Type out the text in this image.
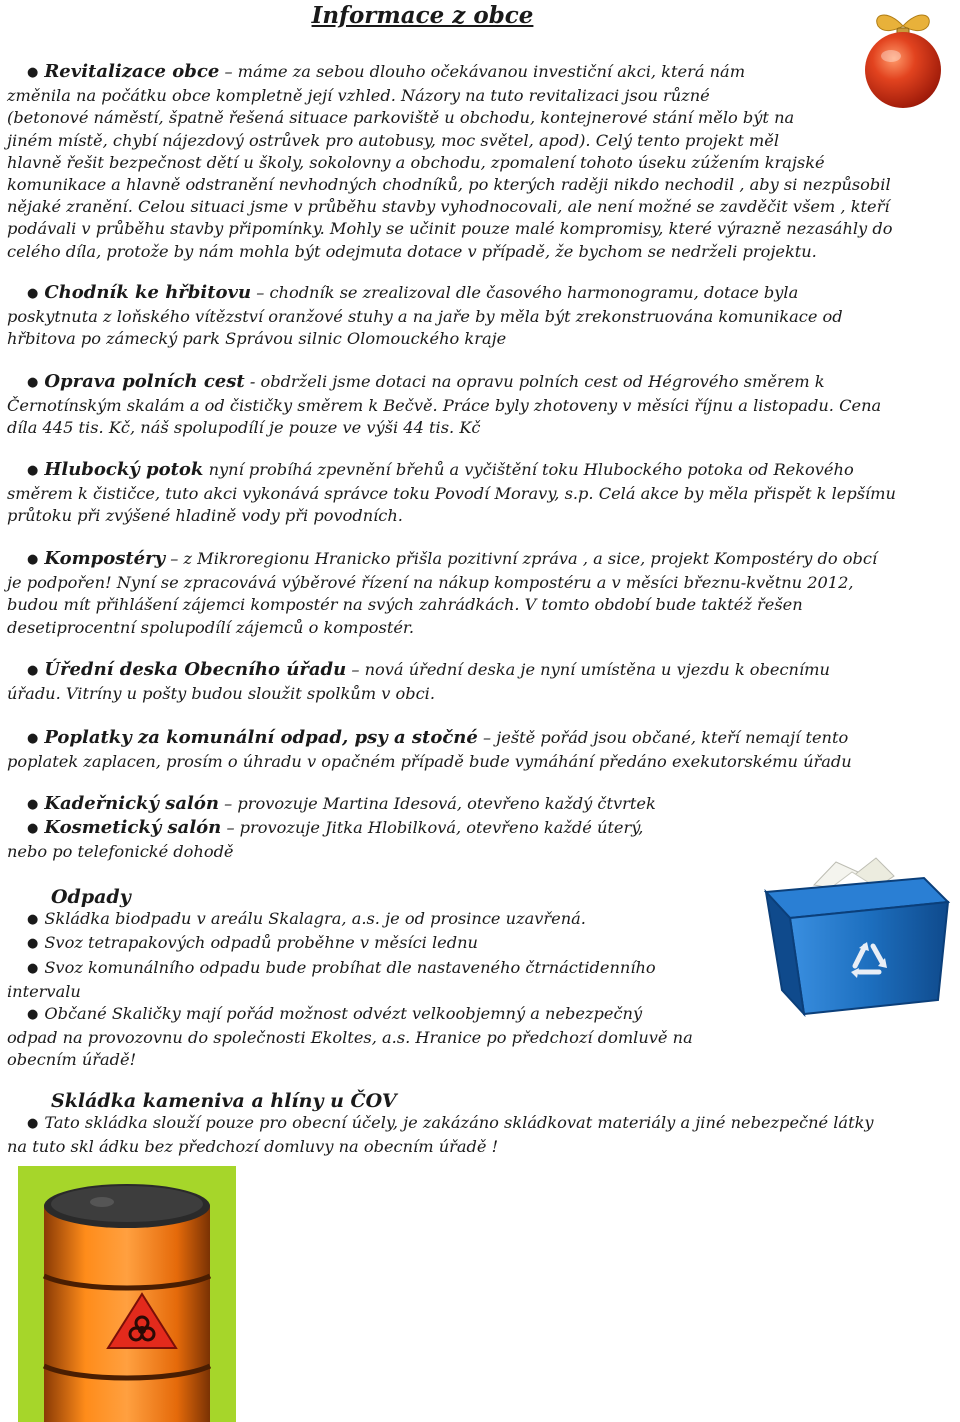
Informace z obce
● Revitalizace obce – máme za sebou dlouho očekávanou investiční akci, která nám
změnila na počátku obce kompletně její vzhled. Názory na tuto revitalizaci jsou různé
(betonové náměstí, špatně řešená situace parkoviště u obchodu, kontejnerové stání mělo být na
jiném místě, chybí nájezdový ostrůvek pro autobusy, moc světel, apod). Celý tento projekt měl
hlavně řešit bezpečnost dětí u školy, sokolovny a obchodu, zpomalení tohoto úseku zúžením krajské
komunikace a hlavně odstranění nevhodných chodníků, po kterých raději nikdo nechodil , aby si nezpůsobil
nějaké zranění. Celou situaci jsme v průběhu stavby vyhodnocovali, ale není možné se zavděčit všem , kteří
podávali v průběhu stavby připomínky. Mohly se učinit pouze malé kompromisy, které výrazně nezasáhly do
celého díla, protože by nám mohla být odejmuta dotace v případě, že bychom se nedrželi projektu.
● Chodník ke hřbitovu – chodník se zrealizoval dle časového harmonogramu, dotace byla
poskytnuta z loňského vítězství oranžové stuhy a na jaře by měla být zrekonstruována komunikace od
hřbitova po zámecký park Správou silnic Olomouckého kraje
● Oprava polních cest - obdrželi jsme dotaci na opravu polních cest od Hégrového směrem k
Černotínským skalám a od čističky směrem k Bečvě. Práce byly zhotoveny v měsíci říjnu a listopadu. Cena
díla 445 tis. Kč, náš spolupodílí je pouze ve výši 44 tis. Kč
● Hlubocký potok nyní probíhá zpevnění břehů a vyčištění toku Hlubockého potoka od Rekového
směrem k čističce, tuto akci vykonává správce toku Povodí Moravy, s.p. Celá akce by měla přispět k lepšímu
průtoku při zvýšené hladině vody při povodních.
● Kompostéry – z Mikroregionu Hranicko přišla pozitivní zpráva , a sice, projekt Kompostéry do obcí
je podpořen! Nyní se zpracovává výběrové řízení na nákup kompostéru a v měsíci březnu-květnu 2012,
budou mít přihlášení zájemci kompostér na svých zahrádkách. V tomto období bude taktéž řešen
desetiprocentní spolupodílí zájemců o kompostér.
● Úřední deska Obecního úřadu – nová úřední deska je nyní umístěna u vjezdu k obecnímu
úřadu. Vitríny u pošty budou sloužit spolkům v obci.
● Poplatky za komunální odpad, psy a stočné – ještě pořád jsou občané, kteří nemají tento
poplatek zaplacen, prosím o úhradu v opačném případě bude vymáhání předáno exekutorskému úřadu
● Kadeřnický salón – provozuje Martina Idesová, otevřeno každý čtvrtek
● Kosmetický salón – provozuje Jitka Hlobilková, otevřeno každé úterý,
nebo po telefonické dohodě
Odpady
● Skládka biodpadu v areálu Skalagra, a.s. je od prosince uzavřená.
● Svoz tetrapakových odpadů proběhne v měsíci lednu
● Svoz komunálního odpadu bude probíhat dle nastaveného čtrnáctidenního
intervalu
● Občané Skaličky mají pořád možnost odvézt velkoobjemný a nebezpečný
odpad na provozovnu do společnosti Ekoltes, a.s. Hranice po předchozí domluvě na
obecním úřadě!
Skládka kameniva a hlíny u ČOV
● Tato skládka slouží pouze pro obecní účely, je zakázáno skládkovat materiály a jiné nebezpečné látky
na tuto skl ádku bez předchozí domluvy na obecním úřadě !
